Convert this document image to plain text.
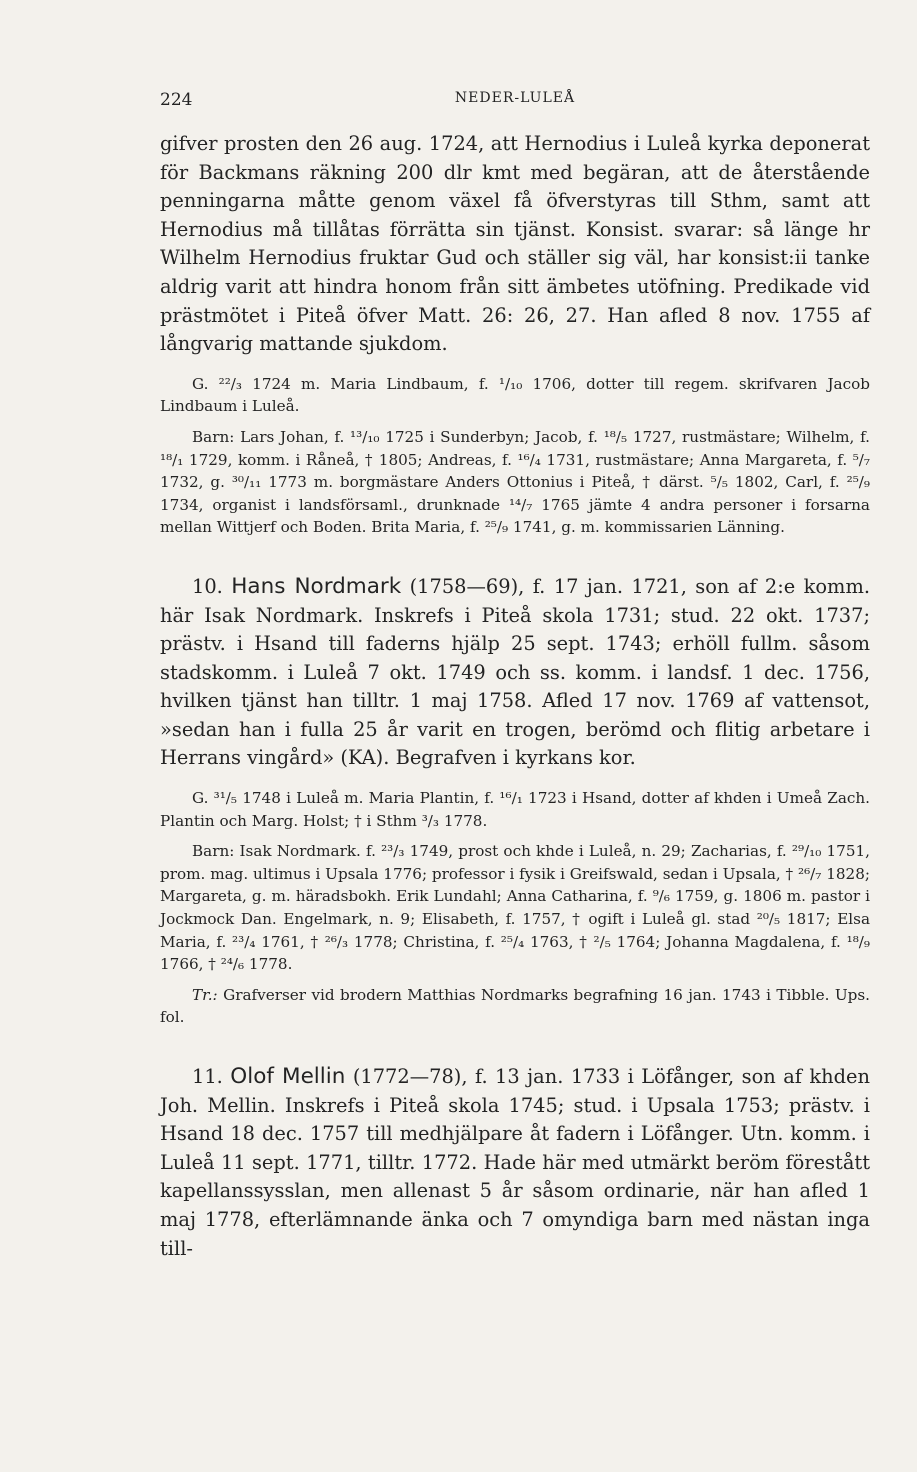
224	NEDER-LULEÅ

gifver prosten den 26 aug. 1724, att Hernodius i Luleå kyrka deponerat för Backmans räkning 200 dlr kmt med begäran, att de återstående penningarna måtte genom växel få öfverstyras till Sthm, samt att Hernodius må tillåtas förrätta sin tjänst. Konsist. svarar: så länge hr Wilhelm Hernodius fruktar Gud och ställer sig väl, har konsist:ii tanke aldrig varit att hindra honom från sitt ämbetes utöfning. Predikade vid prästmötet i Piteå öfver Matt. 26: 26, 27. Han afled 8 nov. 1755 af långvarig mattande sjukdom.

G. ²²/₃ 1724 m. Maria Lindbaum, f. ¹/₁₀ 1706, dotter till regem. skrifvaren Jacob Lindbaum i Luleå.

Barn: Lars Johan, f. ¹³/₁₀ 1725 i Sunderbyn; Jacob, f. ¹⁸/₅ 1727, rustmästare; Wilhelm, f. ¹⁸/₁ 1729, komm. i Råneå, † 1805; Andreas, f. ¹⁶/₄ 1731, rustmästare; Anna Margareta, f. ⁵/₇ 1732, g. ³⁰/₁₁ 1773 m. borgmästare Anders Ottonius i Piteå, † därst. ⁵/₅ 1802, Carl, f. ²⁵/₉ 1734, organist i landsförsaml., drunknade ¹⁴/₇ 1765 jämte 4 andra personer i forsarna mellan Wittjerf och Boden. Brita Maria, f. ²⁵/₉ 1741, g. m. kommissarien Länning.

10. Hans Nordmark (1758—69), f. 17 jan. 1721, son af 2:e komm. här Isak Nordmark. Inskrefs i Piteå skola 1731; stud. 22 okt. 1737; prästv. i Hsand till faderns hjälp 25 sept. 1743; erhöll fullm. såsom stadskomm. i Luleå 7 okt. 1749 och ss. komm. i landsf. 1 dec. 1756, hvilken tjänst han tilltr. 1 maj 1758. Afled 17 nov. 1769 af vattensot, »sedan han i fulla 25 år varit en trogen, berömd och flitig arbetare i Herrans vingård» (KA). Begrafven i kyrkans kor.

G. ³¹/₅ 1748 i Luleå m. Maria Plantin, f. ¹⁶/₁ 1723 i Hsand, dotter af khden i Umeå Zach. Plantin och Marg. Holst; † i Sthm ³/₃ 1778.

Barn: Isak Nordmark. f. ²³/₃ 1749, prost och khde i Luleå, n. 29; Zacharias, f. ²⁹/₁₀ 1751, prom. mag. ultimus i Upsala 1776; professor i fysik i Greifswald, sedan i Upsala, † ²⁶/₇ 1828; Margareta, g. m. häradsbokh. Erik Lundahl; Anna Catharina, f. ⁹/₆ 1759, g. 1806 m. pastor i Jockmock Dan. Engelmark, n. 9; Elisabeth, f. 1757, † ogift i Luleå gl. stad ²⁰/₅ 1817; Elsa Maria, f. ²³/₄ 1761, † ²⁶/₃ 1778; Christina, f. ²⁵/₄ 1763, † ²/₅ 1764; Johanna Magdalena, f. ¹⁸/₉ 1766, † ²⁴/₆ 1778.

Tr.: Grafverser vid brodern Matthias Nordmarks begrafning 16 jan. 1743 i Tibble. Ups. fol.

11. Olof Mellin (1772—78), f. 13 jan. 1733 i Löfånger, son af khden Joh. Mellin. Inskrefs i Piteå skola 1745; stud. i Upsala 1753; prästv. i Hsand 18 dec. 1757 till medhjälpare åt fadern i Löfånger. Utn. komm. i Luleå 11 sept. 1771, tilltr. 1772. Hade här med utmärkt beröm förestått kapellanssysslan, men allenast 5 år såsom ordinarie, när han afled 1 maj 1778, efterlämnande änka och 7 omyndiga barn med nästan inga till-
